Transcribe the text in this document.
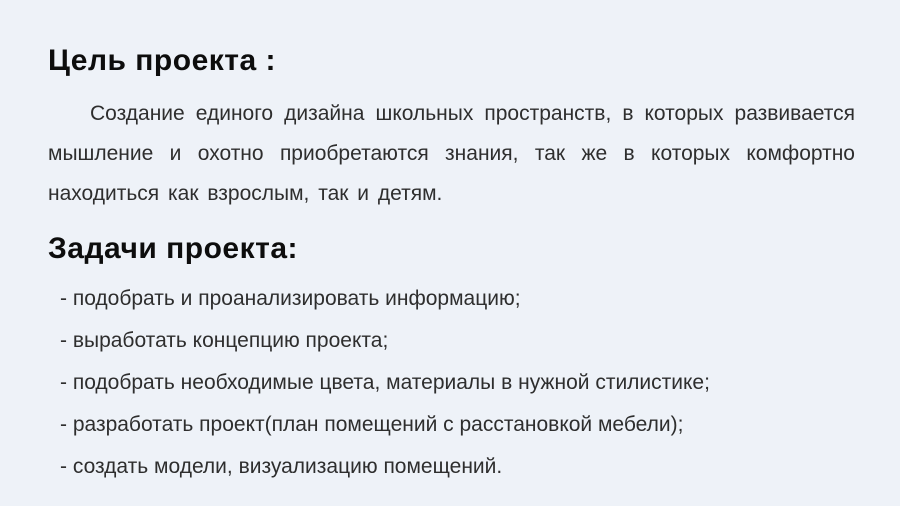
Цель проекта :

Создание единого дизайна школьных пространств, в которых развивается мышление и охотно приобретаются знания, так же в которых комфортно находиться как взрослым, так и детям.

Задачи проекта:
- подобрать и проанализировать информацию;
- выработать концепцию проекта;
- подобрать необходимые цвета, материалы в нужной стилистике;
- разработать проект(план помещений с расстановкой мебели);
- создать модели, визуализацию помещений.
